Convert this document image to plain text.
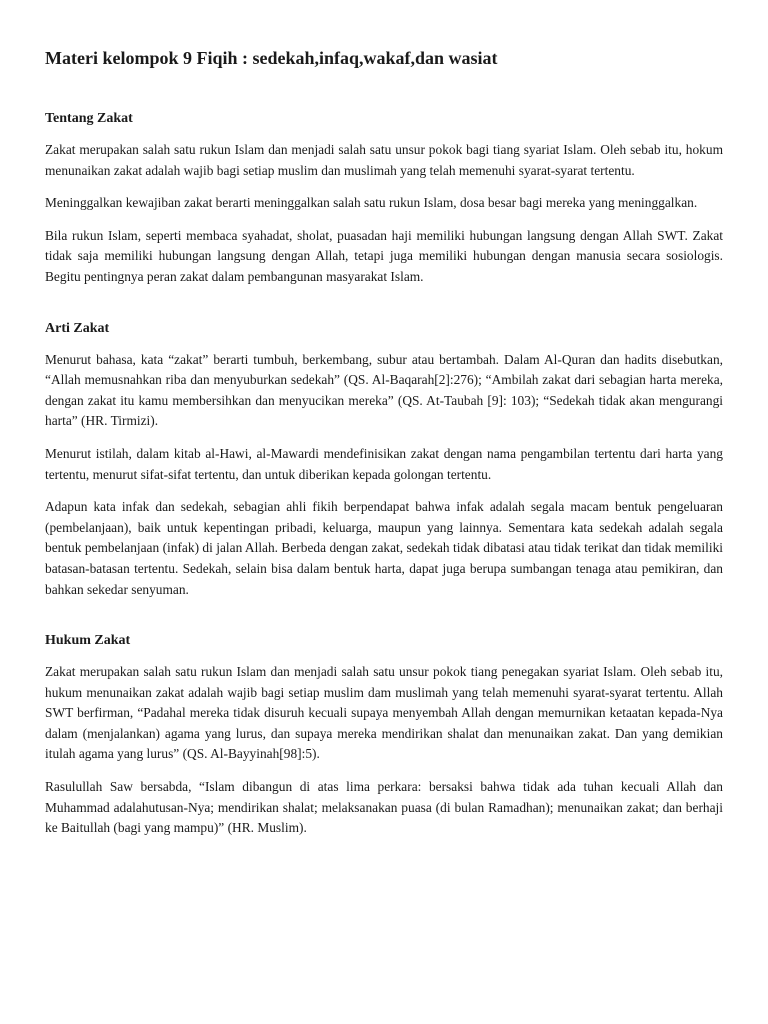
Materi kelompok 9 Fiqih : sedekah,infaq,wakaf,dan wasiat
Tentang Zakat

Zakat merupakan salah satu rukun Islam dan menjadi salah satu unsur pokok bagi tiang syariat Islam. Oleh sebab itu, hokum menunaikan zakat adalah wajib bagi setiap muslim dan muslimah yang telah memenuhi syarat-syarat tertentu.

Meninggalkan kewajiban zakat berarti meninggalkan salah satu rukun Islam, dosa besar bagi mereka yang meninggalkan.

Bila rukun Islam, seperti membaca syahadat, sholat, puasadan haji memiliki hubungan langsung dengan Allah SWT. Zakat tidak saja memiliki hubungan langsung dengan Allah, tetapi juga memiliki hubungan dengan manusia secara sosiologis. Begitu pentingnya peran zakat dalam pembangunan masyarakat Islam.

Arti Zakat

Menurut bahasa, kata “zakat” berarti tumbuh, berkembang, subur atau bertambah. Dalam Al-Quran dan hadits disebutkan, “Allah memusnahkan riba dan menyuburkan sedekah” (QS. Al-Baqarah[2]:276); “Ambilah zakat dari sebagian harta mereka, dengan zakat itu kamu membersihkan dan menyucikan mereka” (QS. At-Taubah [9]: 103); “Sedekah tidak akan mengurangi harta” (HR. Tirmizi).

Menurut istilah, dalam kitab al-Hawi, al-Mawardi mendefinisikan zakat dengan nama pengambilan tertentu dari harta yang tertentu, menurut sifat-sifat tertentu, dan untuk diberikan kepada golongan tertentu.

Adapun kata infak dan sedekah, sebagian ahli fikih berpendapat bahwa infak adalah segala macam bentuk pengeluaran (pembelanjaan), baik untuk kepentingan pribadi, keluarga, maupun yang lainnya. Sementara kata sedekah adalah segala bentuk pembelanjaan (infak) di jalan Allah. Berbeda dengan zakat, sedekah tidak dibatasi atau tidak terikat dan tidak memiliki batasan-batasan tertentu. Sedekah, selain bisa dalam bentuk harta, dapat juga berupa sumbangan tenaga atau pemikiran, dan bahkan sekedar senyuman.

Hukum Zakat

Zakat merupakan salah satu rukun Islam dan menjadi salah satu unsur pokok tiang penegakan syariat Islam. Oleh sebab itu, hukum menunaikan zakat adalah wajib bagi setiap muslim dam muslimah yang telah memenuhi syarat-syarat tertentu. Allah SWT berfirman, “Padahal mereka tidak disuruh kecuali supaya menyembah Allah dengan memurnikan ketaatan kepada-Nya dalam (menjalankan) agama yang lurus, dan supaya mereka mendirikan shalat dan menunaikan zakat. Dan yang demikian itulah agama yang lurus” (QS. Al-Bayyinah[98]:5).

Rasulullah Saw bersabda, “Islam dibangun di atas lima perkara: bersaksi bahwa tidak ada tuhan kecuali Allah dan Muhammad adalahutusan-Nya; mendirikan shalat; melaksanakan puasa (di bulan Ramadhan); menunaikan zakat; dan berhaji ke Baitullah (bagi yang mampu)” (HR. Muslim).
